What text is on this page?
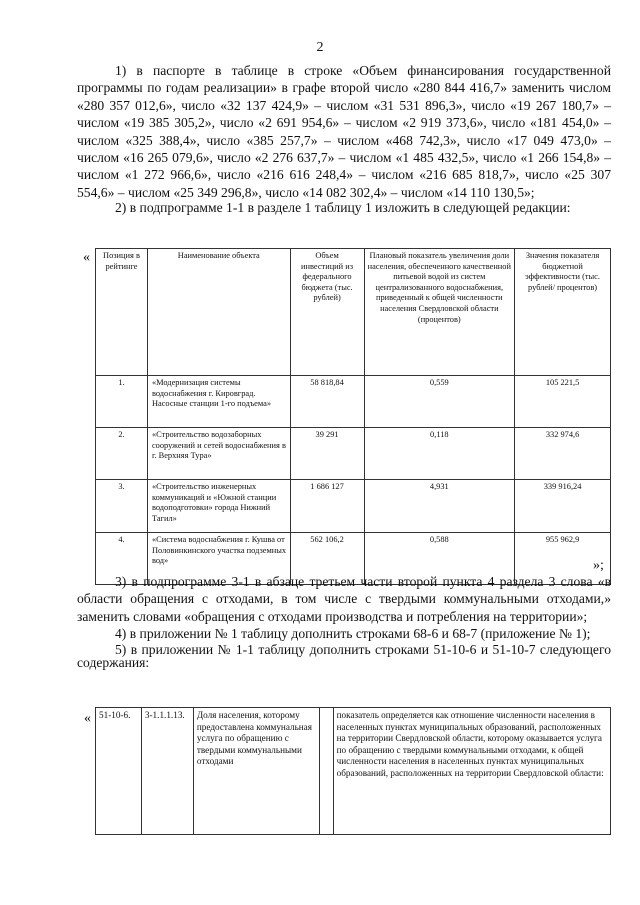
2

1) в паспорте в таблице в строке «Объем финансирования государственной программы по годам реализации» в графе второй число «280 844 416,7» заменить числом «280 357 012,6», число «32 137 424,9» – числом «31 531 896,3», число «19 267 180,7» – числом «19 385 305,2», число «2 691 954,6» – числом «2 919 373,6», число «181 454,0» – числом «325 388,4», число «385 257,7» – числом «468 742,3», число «17 049 473,0» – числом «16 265 079,6», число «2 276 637,7» – числом «1 485 432,5», число «1 266 154,8» – числом «1 272 966,6», число «216 616 248,4» – числом «216 685 818,7», число «25 307 554,6» – числом «25 349 296,8», число «14 082 302,4» – числом «14 110 130,5»;

2) в подпрограмме 1-1 в разделе 1 таблицу 1 изложить в следующей редакции:

« Позиция в рейтинге	Наименование объекта	Объем инвестиций из федерального бюджета (тыс. рублей)	Плановый показатель увеличения доли населения, обеспеченного качественной питьевой водой из систем централизованного водоснабжения, приведенный к общей численности населения Свердловской области (процентов)	Значения показателя бюджетной эффективности (тыс. рублей/ процентов)
1.	«Модернизация системы водоснабжения г. Кировград. Насосные станции 1-го подъема»	58 818,84	0,559	105 221,5
2.	«Строительство водозаборных сооружений и сетей водоснабжения в г. Верхняя Тура»	39 291	0,118	332 974,6
3.	«Строительство инженерных коммуникаций и «Южной станции водоподготовки» города Нижний Тагил»	1 686 127	4,931	339 916,24
4.	«Система водоснабжения г. Кушва от Половинкинского участка подземных вод»	562 106,2	0,588	955 962,9
»;

3) в подпрограмме 3-1 в абзаце третьем части второй пункта 4 раздела 3 слова «в области обращения с отходами, в том числе с твердыми коммунальными отходами,» заменить словами «обращения с отходами производства и потребления на территории»;

4) в приложении № 1 таблицу дополнить строками 68-6 и 68-7 (приложение № 1);

5) в приложении № 1-1 таблицу дополнить строками 51-10-6 и 51-10-7 следующего содержания:

« 51-10-6.	3-1.1.1.13.	Доля населения, которому предоставлена коммунальная услуга по обращению с твердыми коммунальными отходами		показатель определяется как отношение численности населения в населенных пунктах муниципальных образований, расположенных на территории Свердловской области, которому оказывается услуга по обращению с твердыми коммунальными отходами, к общей численности населения в населенных пунктах муниципальных образований, расположенных на территории Свердловской области:
